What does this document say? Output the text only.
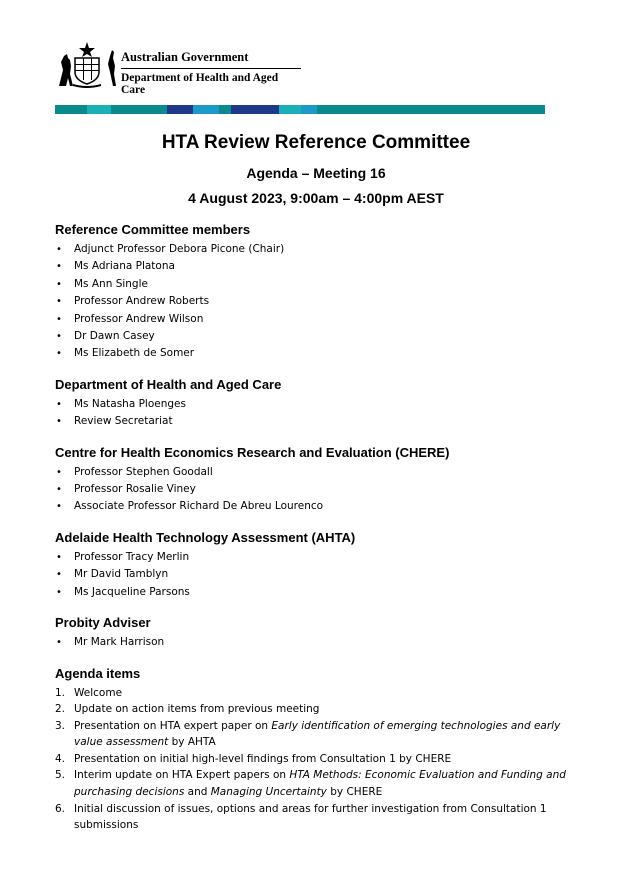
Australian Government
Department of Health and Aged Care
HTA Review Reference Committee
Agenda – Meeting 16
4 August 2023, 9:00am – 4:00pm AEST
Reference Committee members
• Adjunct Professor Debora Picone (Chair)
• Ms Adriana Platona
• Ms Ann Single
• Professor Andrew Roberts
• Professor Andrew Wilson
• Dr Dawn Casey
• Ms Elizabeth de Somer
Department of Health and Aged Care
• Ms Natasha Ploenges
• Review Secretariat
Centre for Health Economics Research and Evaluation (CHERE)
• Professor Stephen Goodall
• Professor Rosalie Viney
• Associate Professor Richard De Abreu Lourenco
Adelaide Health Technology Assessment (AHTA)
• Professor Tracy Merlin
• Mr David Tamblyn
• Ms Jacqueline Parsons
Probity Adviser
• Mr Mark Harrison
Agenda items
1. Welcome
2. Update on action items from previous meeting
3. Presentation on HTA expert paper on Early identification of emerging technologies and early value assessment by AHTA
4. Presentation on initial high-level findings from Consultation 1 by CHERE
5. Interim update on HTA Expert papers on HTA Methods: Economic Evaluation and Funding and purchasing decisions and Managing Uncertainty by CHERE
6. Initial discussion of issues, options and areas for further investigation from Consultation 1 submissions
